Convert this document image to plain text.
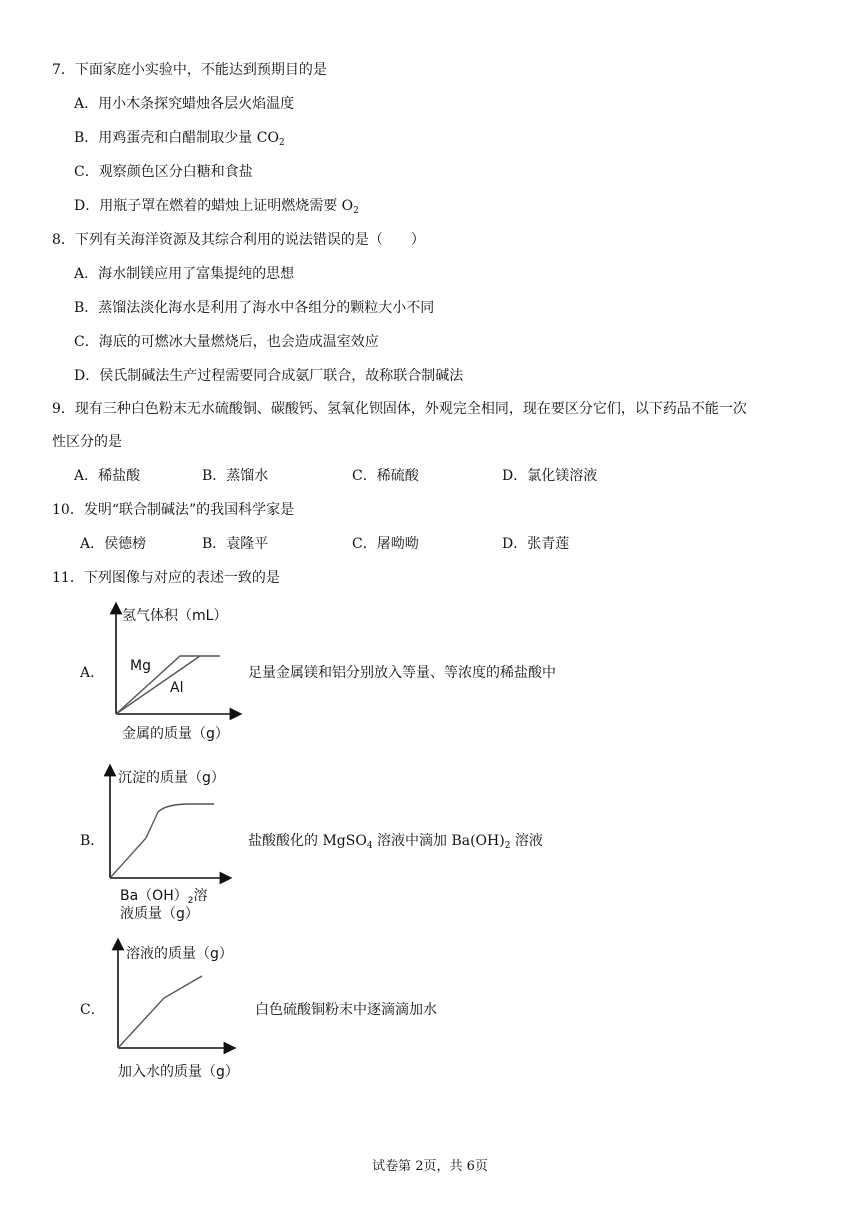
7．下面家庭小实验中，不能达到预期目的是
A．用小木条探究蜡烛各层火焰温度
B．用鸡蛋壳和白醋制取少量 $CO_2$
C．观察颜色区分白糖和食盐
D．用瓶子罩在燃着的蜡烛上证明燃烧需要 $O_2$
8．下列有关海洋资源及其综合利用的说法错误的是（　　）
A．海水制镁应用了富集提纯的思想
B．蒸馏法淡化海水是利用了海水中各组分的颗粒大小不同
C．海底的可燃冰大量燃烧后，也会造成温室效应
D．侯氏制碱法生产过程需要同合成氨厂联合，故称联合制碱法
9．现有三种白色粉末无水硫酸铜、碳酸钙、氢氧化钡固体，外观完全相同，现在要区分它们，以下药品不能一次
性区分的是
A．稀盐酸	B．蒸馏水	C．稀硫酸	D．氯化镁溶液
10．发明“联合制碱法”的我国科学家是
A．侯德榜	B．袁隆平	C．屠呦呦	D．张青莲
11．下列图像与对应的表述一致的是
A．
氢气体积（mL）
Mg
Al
金属的质量（g）
足量金属镁和铝分别放入等量、等浓度的稀盐酸中
B．
沉淀的质量（g）
$Ba(OH)_2$溶
液质量（g）
盐酸酸化的 MgSO$_4$ 溶液中滴加 $Ba(OH)_2$ 溶液
C．
溶液的质量（g）
加入水的质量（g）
白色硫酸铜粉末中逐滴滴加水
试卷第 2页，共 6页
